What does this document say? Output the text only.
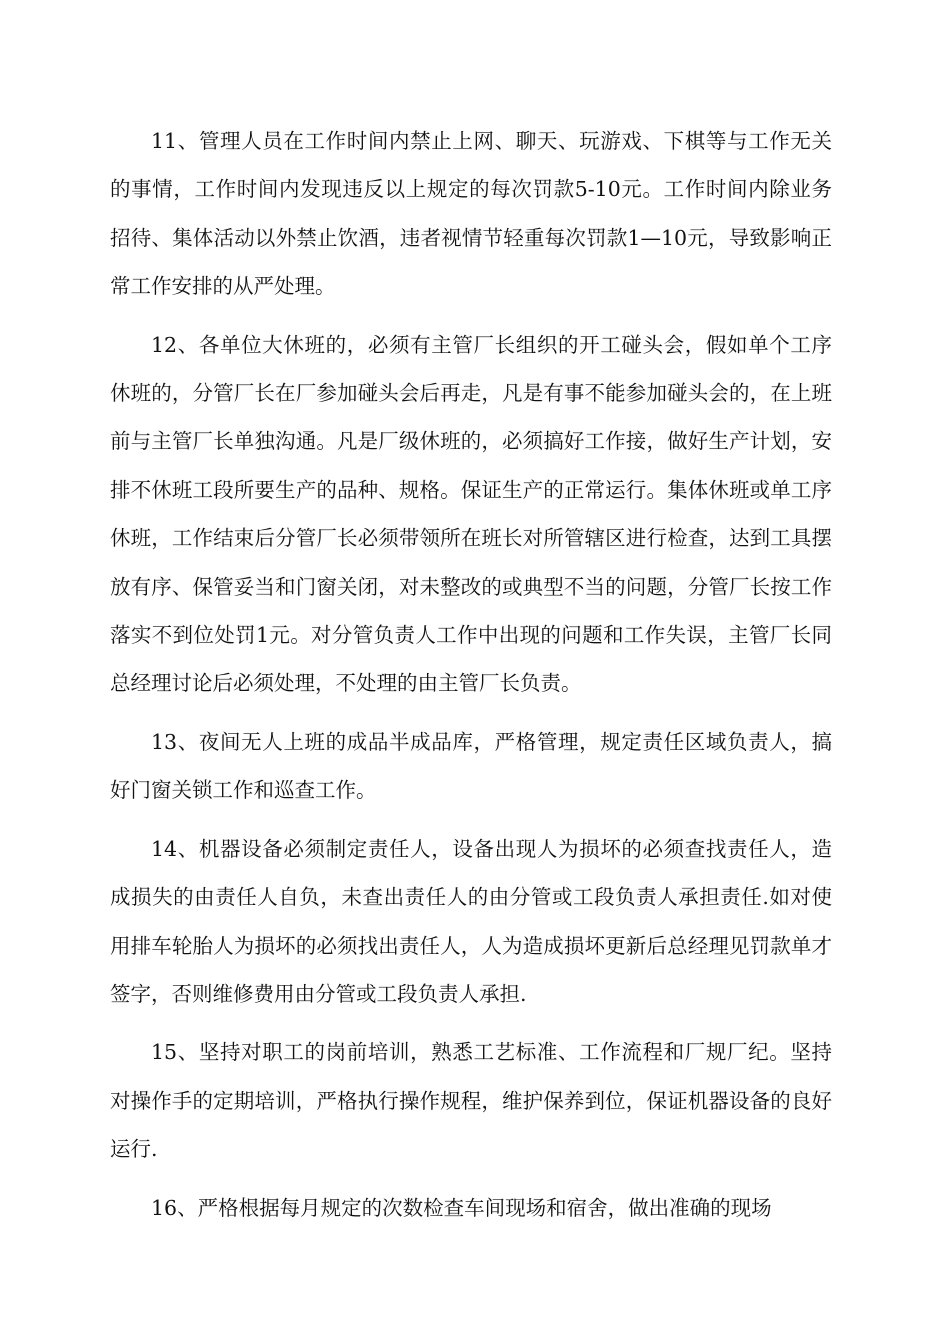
11、管理人员在工作时间内禁止上网、聊天、玩游戏、下棋等与工作无关的事情，工作时间内发现违反以上规定的每次罚款5-10元。工作时间内除业务招待、集体活动以外禁止饮酒，违者视情节轻重每次罚款1—10元，导致影响正常工作安排的从严处理。

12、各单位大休班的，必须有主管厂长组织的开工碰头会，假如单个工序休班的，分管厂长在厂参加碰头会后再走，凡是有事不能参加碰头会的，在上班前与主管厂长单独沟通。凡是厂级休班的，必须搞好工作接，做好生产计划，安排不休班工段所要生产的品种、规格。保证生产的正常运行。集体休班或单工序休班，工作结束后分管厂长必须带领所在班长对所管辖区进行检查，达到工具摆放有序、保管妥当和门窗关闭，对未整改的或典型不当的问题，分管厂长按工作落实不到位处罚1元。对分管负责人工作中出现的问题和工作失误，主管厂长同总经理讨论后必须处理，不处理的由主管厂长负责。

13、夜间无人上班的成品半成品库，严格管理，规定责任区域负责人，搞好门窗关锁工作和巡查工作。

14、机器设备必须制定责任人，设备出现人为损坏的必须查找责任人，造成损失的由责任人自负，未查出责任人的由分管或工段负责人承担责任.如对使用排车轮胎人为损坏的必须找出责任人，人为造成损坏更新后总经理见罚款单才签字，否则维修费用由分管或工段负责人承担.

15、坚持对职工的岗前培训，熟悉工艺标准、工作流程和厂规厂纪。坚持对操作手的定期培训，严格执行操作规程，维护保养到位，保证机器设备的良好运行.

16、严格根据每月规定的次数检查车间现场和宿舍，做出准确的现场
